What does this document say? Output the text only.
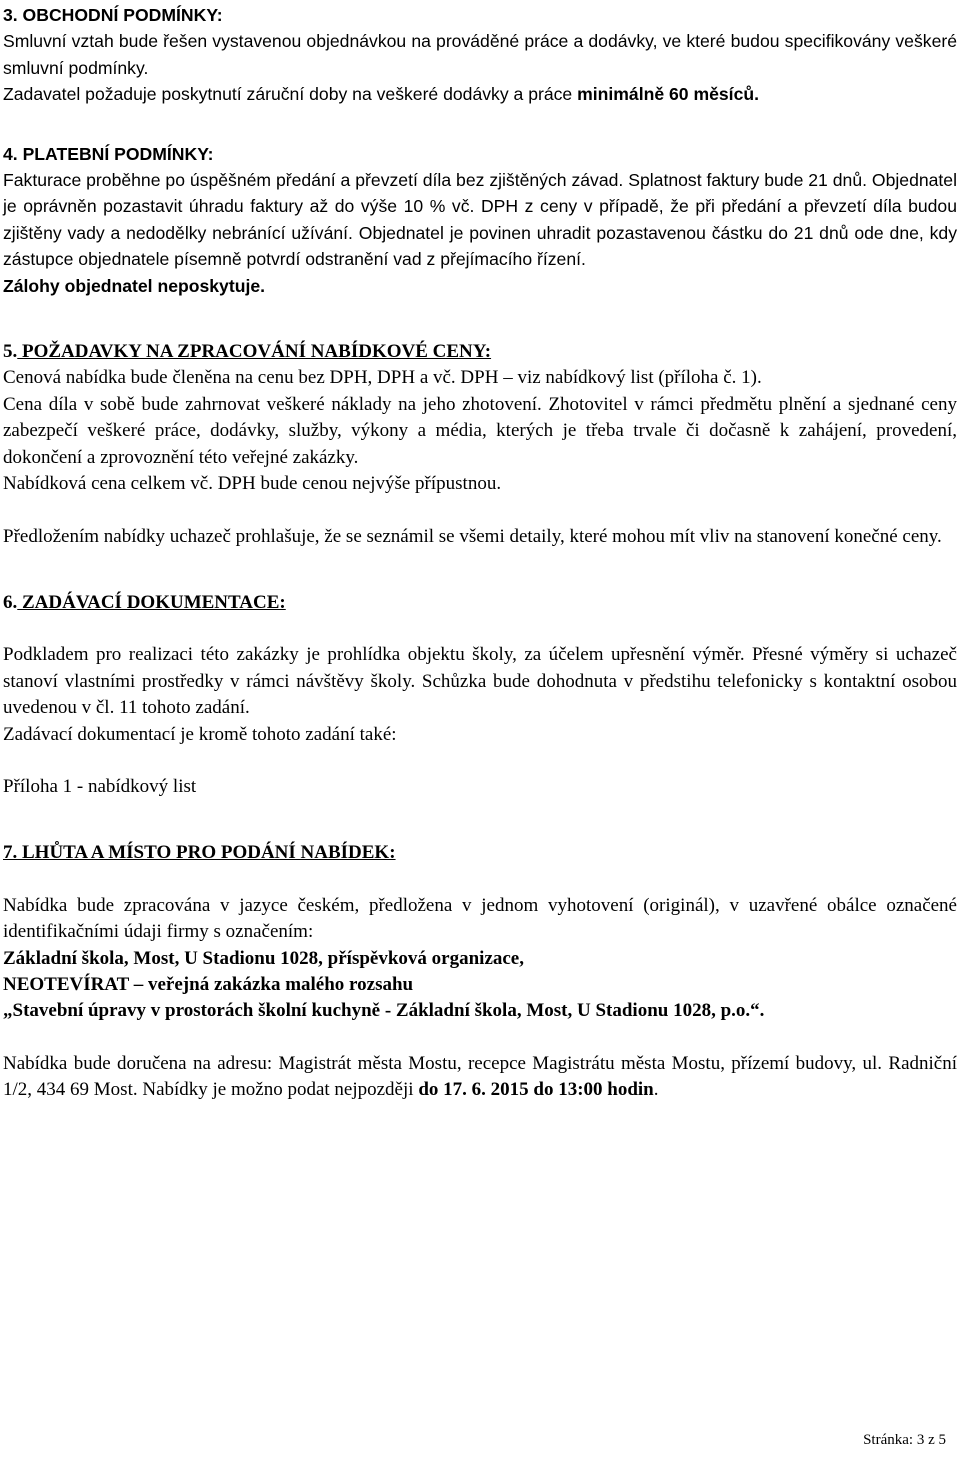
3. OBCHODNÍ PODMÍNKY:

Smluvní vztah bude řešen vystavenou objednávkou na prováděné práce a dodávky, ve které budou specifikovány veškeré smluvní podmínky.

Zadavatel požaduje poskytnutí záruční doby na veškeré dodávky a práce minimálně 60 měsíců.

4. PLATEBNÍ PODMÍNKY:

Fakturace proběhne po úspěšném předání a převzetí díla bez zjištěných závad. Splatnost faktury bude 21 dnů. Objednatel je oprávněn pozastavit úhradu faktury až do výše 10 % vč. DPH z ceny v případě, že při předání a převzetí díla budou zjištěny vady a nedodělky nebránící užívání. Objednatel je povinen uhradit pozastavenou částku do 21 dnů ode dne, kdy zástupce objednatele písemně potvrdí odstranění vad z přejímacího řízení.

Zálohy objednatel neposkytuje.

5. POŽADAVKY NA ZPRACOVÁNÍ NABÍDKOVÉ CENY:

Cenová nabídka bude členěna na cenu bez DPH, DPH a vč. DPH – viz nabídkový list (příloha č. 1).

Cena díla v sobě bude zahrnovat veškeré náklady na jeho zhotovení. Zhotovitel v rámci předmětu plnění a sjednané ceny zabezpečí veškeré práce, dodávky, služby, výkony a média, kterých je třeba trvale či dočasně k zahájení, provedení, dokončení a zprovoznění této veřejné zakázky.

Nabídková cena celkem vč. DPH bude cenou nejvýše přípustnou.

Předložením nabídky uchazeč prohlašuje, že se seznámil se všemi detaily, které mohou mít vliv na stanovení konečné ceny.

6. ZADÁVACÍ DOKUMENTACE:

Podkladem pro realizaci této zakázky je prohlídka objektu školy, za účelem upřesnění výměr. Přesné výměry si uchazeč stanoví vlastními prostředky v rámci návštěvy školy. Schůzka bude dohodnuta v předstihu telefonicky s kontaktní osobou uvedenou v čl. 11 tohoto zadání.

Zadávací dokumentací je kromě tohoto zadání také:

Příloha 1 - nabídkový list

7. LHŮTA A MÍSTO PRO PODÁNÍ NABÍDEK:

Nabídka bude zpracována v jazyce českém, předložena v jednom vyhotovení (originál), v uzavřené obálce označené identifikačními údaji firmy s označením:

Základní škola, Most, U Stadionu 1028, příspěvková organizace,

NEOTEVÍRAT – veřejná zakázka malého rozsahu

„Stavební úpravy v prostorách školní kuchyně - Základní škola, Most, U Stadionu 1028, p.o.“.

Nabídka bude doručena na adresu: Magistrát města Mostu, recepce Magistrátu města Mostu, přízemí budovy, ul. Radniční 1/2, 434 69 Most. Nabídky je možno podat nejpozději do 17. 6. 2015 do 13:00 hodin.

Stránka: 3 z 5
